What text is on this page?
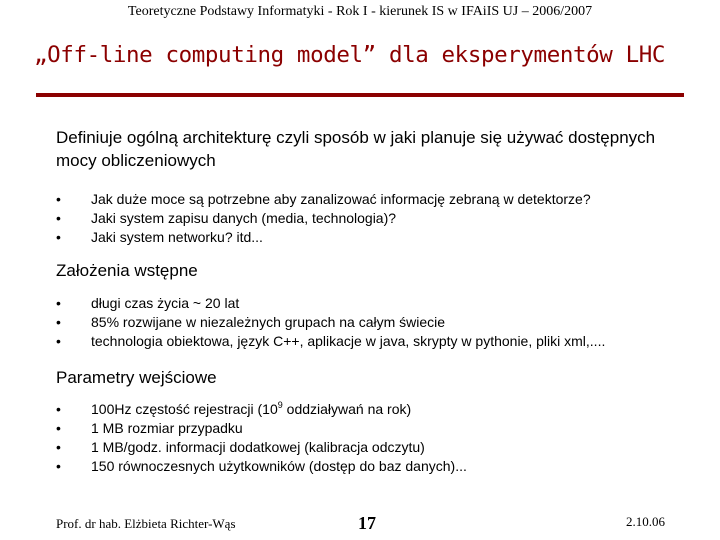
Teoretyczne Podstawy Informatyki - Rok I - kierunek IS w IFAiIS UJ – 2006/2007
„Off-line computing model” dla eksperymentów LHC
Definiuje ogólną architekturę czyli sposób w jaki planuje się używać dostępnych mocy obliczeniowych
• Jak duże moce są potrzebne aby zanalizować informację zebraną w detektorze?
• Jaki system zapisu danych (media, technologia)?
• Jaki system networku? itd...
Założenia wstępne
• długi czas życia ~ 20 lat
• 85% rozwijane w niezależnych grupach na całym świecie
• technologia obiektowa, język C++, aplikacje w java, skrypty w pythonie, pliki xml,....
Parametry wejściowe
• 100Hz częstość rejestracji ($10^9$ oddziaływań na rok)
• 1 MB rozmiar przypadku
• 1 MB/godz. informacji dodatkowej (kalibracja odczytu)
• 150 równoczesnych użytkowników (dostęp do baz danych)...
Prof. dr hab. Elżbieta Richter-Wąs	17	2.10.06
